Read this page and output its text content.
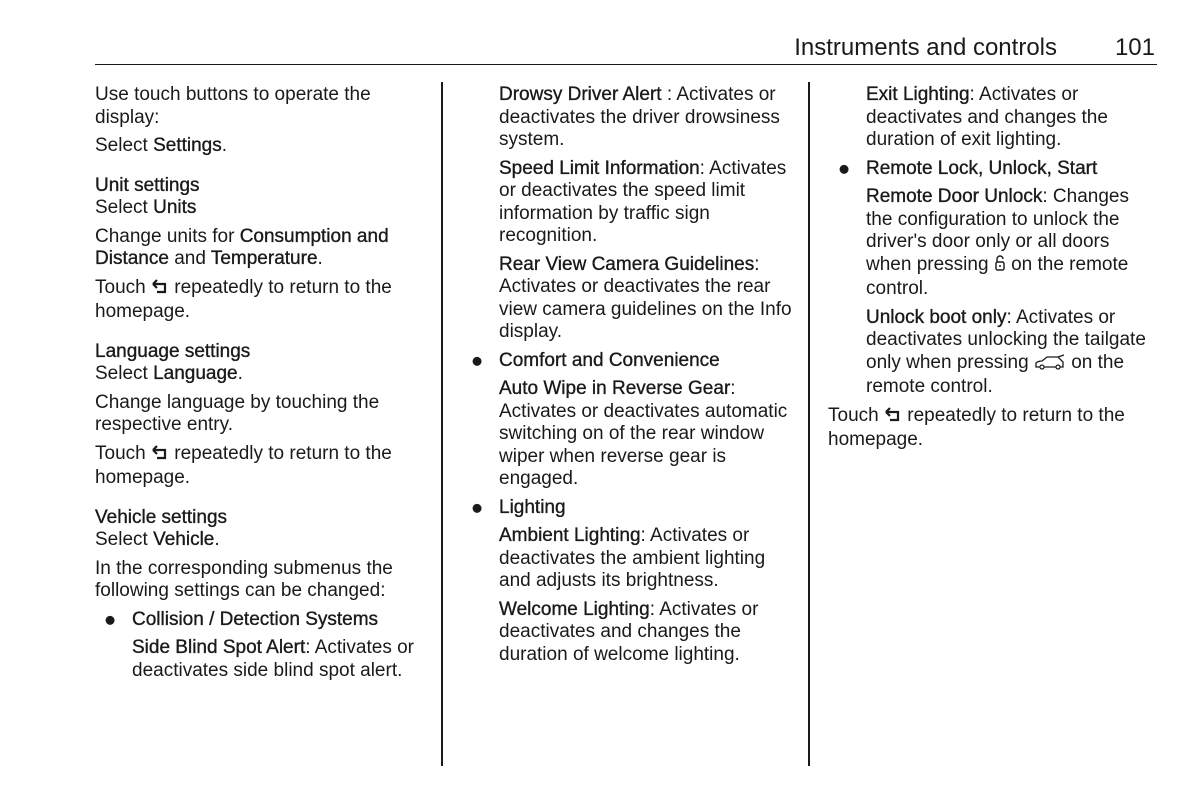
Instruments and controls 101

Use touch buttons to operate the display:

Select Settings.

Unit settings

Select Units

Change units for Consumption and Distance and Temperature.

Touch  repeatedly to return to the homepage.

Language settings

Select Language.

Change language by touching the respective entry.

Touch  repeatedly to return to the homepage.

Vehicle settings

Select Vehicle.

In the corresponding submenus the following settings can be changed:

● Collision / Detection Systems

Side Blind Spot Alert: Activates or deactivates side blind spot alert.

Drowsy Driver Alert : Activates or deactivates the driver drowsiness system.

Speed Limit Information: Activates or deactivates the speed limit information by traffic sign recognition.

Rear View Camera Guidelines: Activates or deactivates the rear view camera guidelines on the Info display.

● Comfort and Convenience

Auto Wipe in Reverse Gear: Activates or deactivates automatic switching on of the rear window wiper when reverse gear is engaged.

● Lighting

Ambient Lighting: Activates or deactivates the ambient lighting and adjusts its brightness.

Welcome Lighting: Activates or deactivates and changes the duration of welcome lighting.

Exit Lighting: Activates or deactivates and changes the duration of exit lighting.

● Remote Lock, Unlock, Start

Remote Door Unlock: Changes the configuration to unlock the driver's door only or all doors when pressing  on the remote control.

Unlock boot only: Activates or deactivates unlocking the tailgate only when pressing  on the remote control.

Touch  repeatedly to return to the homepage.
